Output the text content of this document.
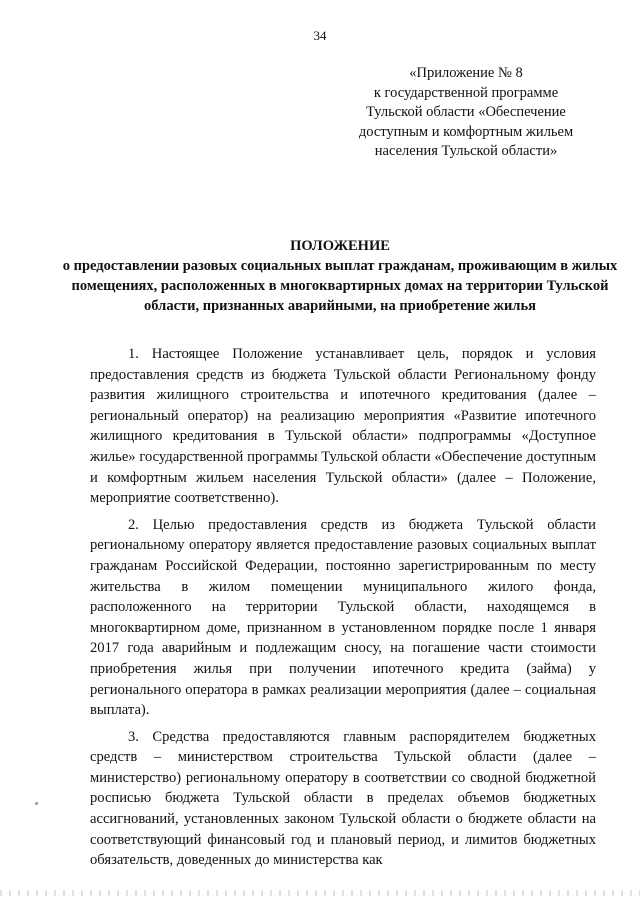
34
«Приложение № 8
к государственной программе
Тульской области «Обеспечение
доступным и комфортным жильем
населения Тульской области»
ПОЛОЖЕНИЕ
о предоставлении разовых социальных выплат гражданам, проживающим в жилых помещениях, расположенных в многоквартирных домах на территории Тульской области, признанных аварийными, на приобретение жилья

1. Настоящее Положение устанавливает цель, порядок и условия предоставления средств из бюджета Тульской области Региональному фонду развития жилищного строительства и ипотечного кредитования (далее – региональный оператор) на реализацию мероприятия «Развитие ипотечного жилищного кредитования в Тульской области» подпрограммы «Доступное жилье» государственной программы Тульской области «Обеспечение доступным и комфортным жильем населения Тульской области» (далее – Положение, мероприятие соответственно).

2. Целью предоставления средств из бюджета Тульской области региональному оператору является предоставление разовых социальных выплат гражданам Российской Федерации, постоянно зарегистрированным по месту жительства в жилом помещении муниципального жилого фонда, расположенного на территории Тульской области, находящемся в многоквартирном доме, признанном в установленном порядке после 1 января 2017 года аварийным и подлежащим сносу, на погашение части стоимости приобретения жилья при получении ипотечного кредита (займа) у регионального оператора в рамках реализации мероприятия (далее – социальная выплата).

3. Средства предоставляются главным распорядителем бюджетных средств – министерством строительства Тульской области (далее – министерство) региональному оператору в соответствии со сводной бюджетной росписью бюджета Тульской области в пределах объемов бюджетных ассигнований, установленных законом Тульской области о бюджете области на соответствующий финансовый год и плановый период, и лимитов бюджетных обязательств, доведенных до министерства как
